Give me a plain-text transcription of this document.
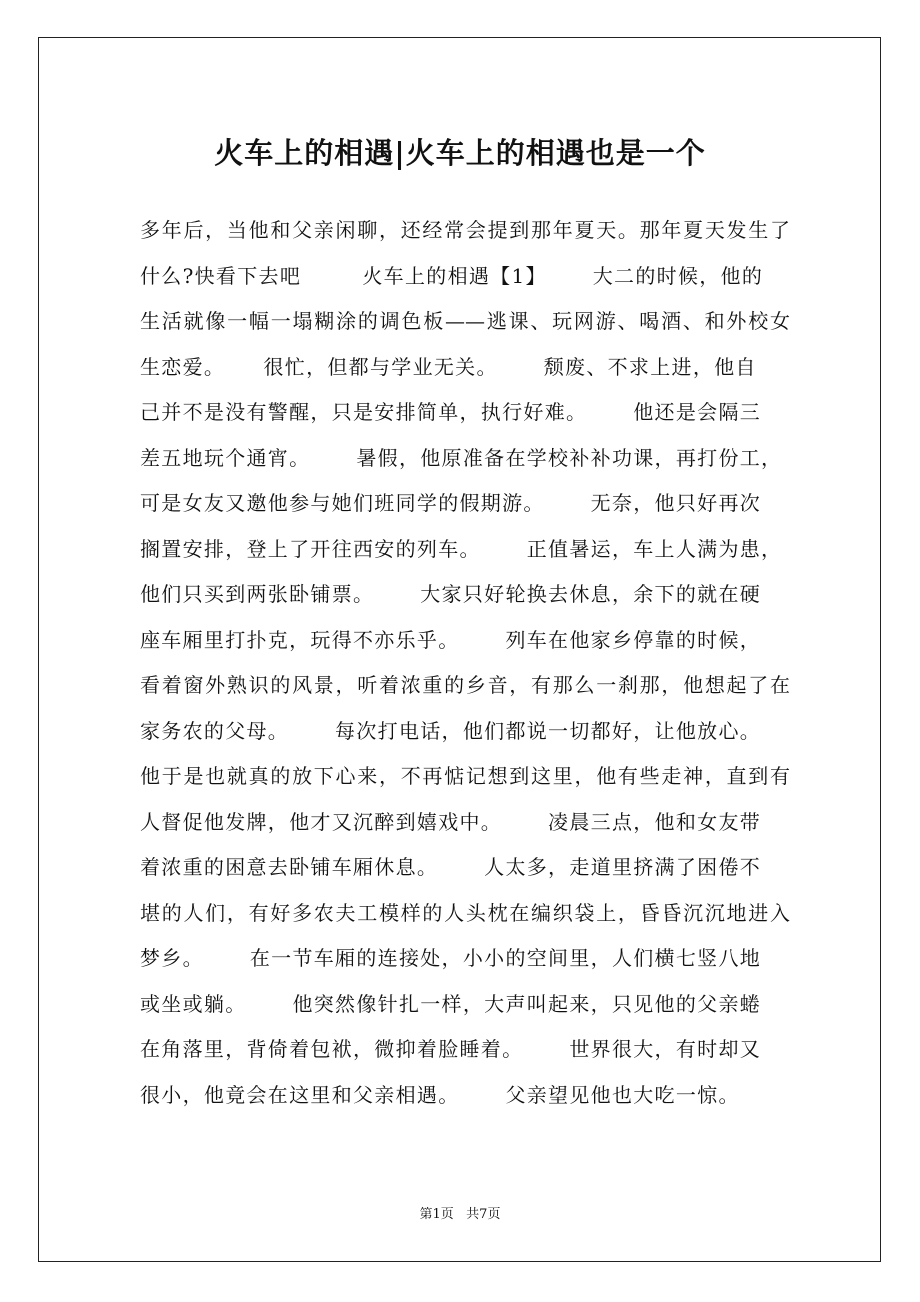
火车上的相遇|火车上的相遇也是一个
多年后，当他和父亲闲聊，还经常会提到那年夏天。那年夏天发生了
什么?快看下去吧        火车上的相遇【1】      大二的时候，他的
生活就像一幅一塌糊涂的调色板——逃课、玩网游、喝酒、和外校女
生恋爱。     很忙，但都与学业无关。      颓废、不求上进，他自
己并不是没有警醒，只是安排简单，执行好难。      他还是会隔三
差五地玩个通宵。      暑假，他原准备在学校补补功课，再打份工，
可是女友又邀他参与她们班同学的假期游。      无奈，他只好再次
搁置安排，登上了开往西安的列车。      正值暑运，车上人满为患，
他们只买到两张卧铺票。      大家只好轮换去休息，余下的就在硬
座车厢里打扑克，玩得不亦乐乎。      列车在他家乡停靠的时候，
看着窗外熟识的风景，听着浓重的乡音，有那么一刹那，他想起了在
家务农的父母。      每次打电话，他们都说一切都好，让他放心。
他于是也就真的放下心来，不再惦记想到这里，他有些走神，直到有
人督促他发牌，他才又沉醉到嬉戏中。      凌晨三点，他和女友带
着浓重的困意去卧铺车厢休息。      人太多，走道里挤满了困倦不
堪的人们，有好多农夫工模样的人头枕在编织袋上，昏昏沉沉地进入
梦乡。      在一节车厢的连接处，小小的空间里，人们横七竖八地
或坐或躺。      他突然像针扎一样，大声叫起来，只见他的父亲蜷
在角落里，背倚着包袱，微抑着脸睡着。      世界很大，有时却又
很小，他竟会在这里和父亲相遇。      父亲望见他也大吃一惊。
第1页   共7页
